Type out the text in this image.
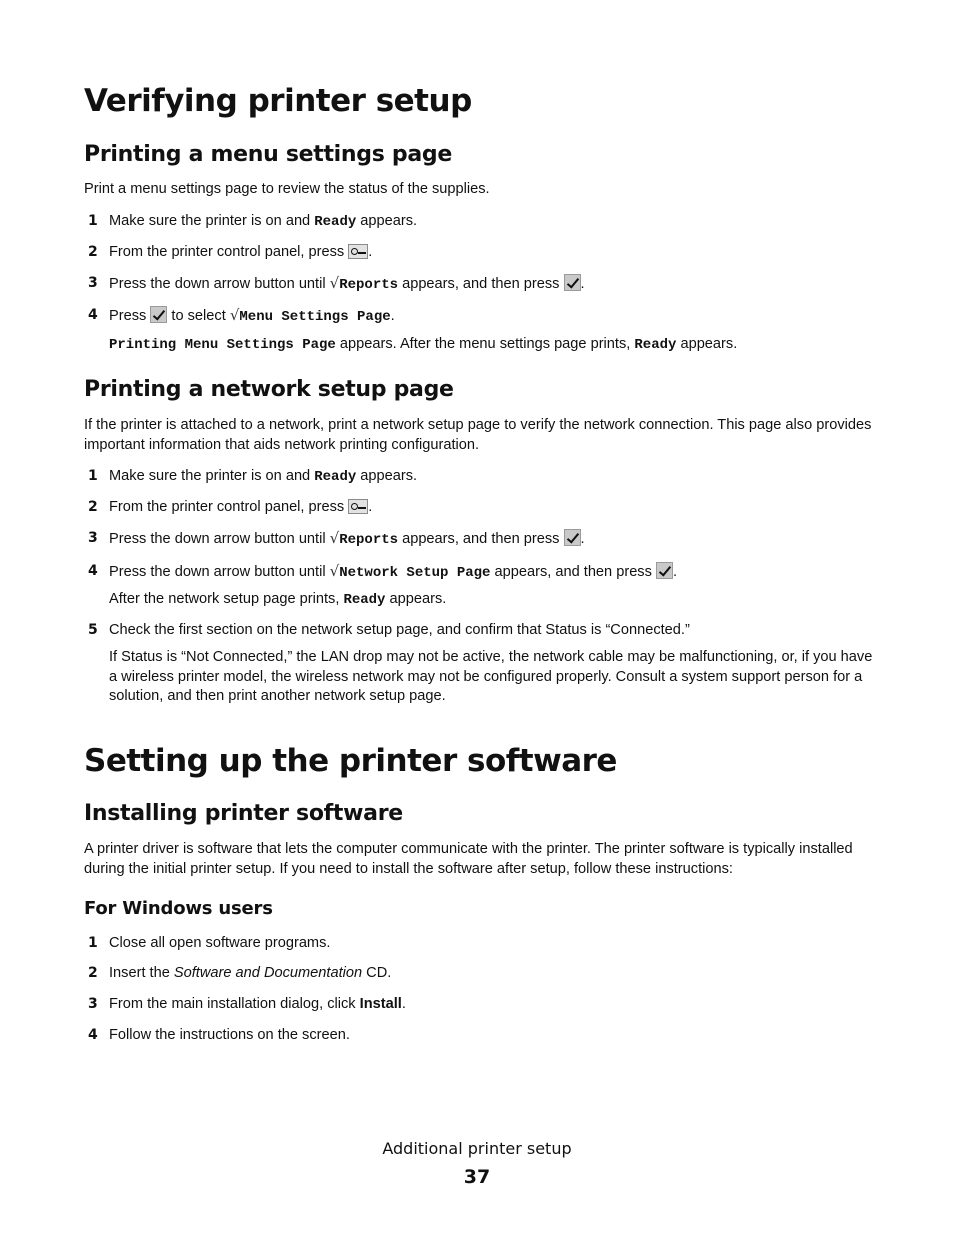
Verifying printer setup
Printing a menu settings page

Print a menu settings page to review the status of the supplies.

1 Make sure the printer is on and Ready appears.
2 From the printer control panel, press .
3 Press the down arrow button until √Reports appears, and then press .
4 Press  to select √Menu Settings Page.
Printing Menu Settings Page appears. After the menu settings page prints, Ready appears.
Printing a network setup page

If the printer is attached to a network, print a network setup page to verify the network connection. This page also provides important information that aids network printing configuration.

1 Make sure the printer is on and Ready appears.
2 From the printer control panel, press .
3 Press the down arrow button until √Reports appears, and then press .
4 Press the down arrow button until √Network Setup Page appears, and then press .
After the network setup page prints, Ready appears.
5 Check the first section on the network setup page, and confirm that Status is “Connected.”
If Status is “Not Connected,” the LAN drop may not be active, the network cable may be malfunctioning, or, if you have a wireless printer model, the wireless network may not be configured properly. Consult a system support person for a solution, and then print another network setup page.
Setting up the printer software
Installing printer software

A printer driver is software that lets the computer communicate with the printer. The printer software is typically installed during the initial printer setup. If you need to install the software after setup, follow these instructions:

For Windows users
1 Close all open software programs.
2 Insert the Software and Documentation CD.
3 From the main installation dialog, click Install.
4 Follow the instructions on the screen.
Additional printer setup
37
